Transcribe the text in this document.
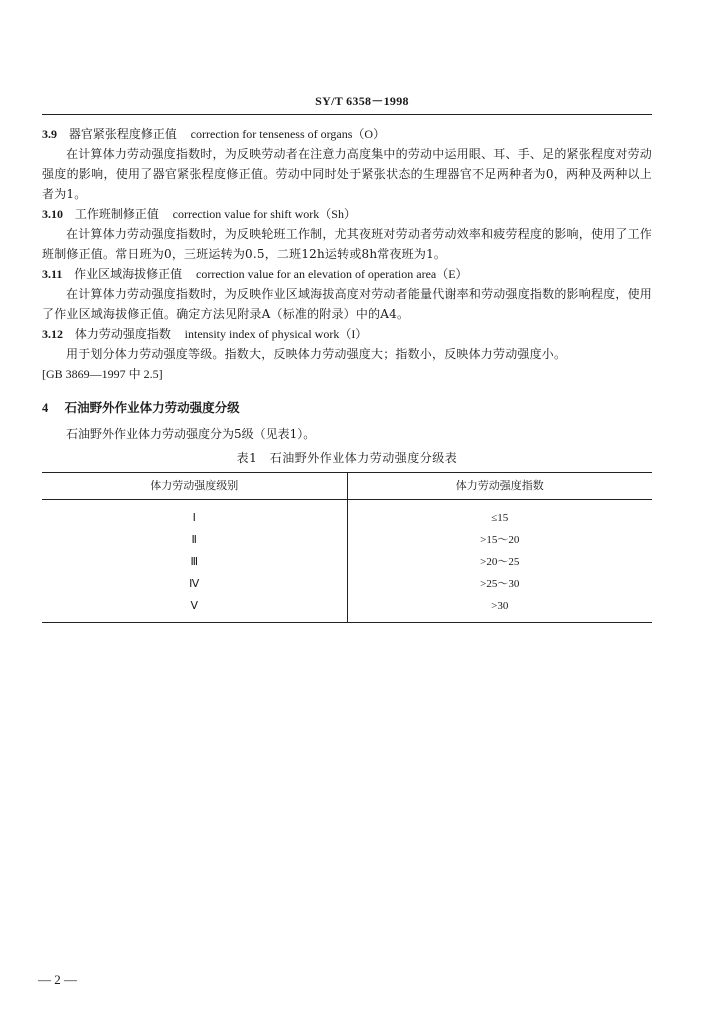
SY/T 6358－1998
3.9 器官紧张程度修正值 correction for tenseness of organs（O）
在计算体力劳动强度指数时，为反映劳动者在注意力高度集中的劳动中运用眼、耳、手、足的紧张程度对劳动强度的影响，使用了器官紧张程度修正值。劳动中同时处于紧张状态的生理器官不足两种者为0，两种及两种以上者为1。
3.10 工作班制修正值 correction value for shift work（Sh）
在计算体力劳动强度指数时，为反映轮班工作制，尤其夜班对劳动者劳动效率和疲劳程度的影响，使用了工作班制修正值。常日班为0，三班运转为0.5，二班12h运转或8h常夜班为1。
3.11 作业区域海拔修正值 correction value for an elevation of operation area（E）
在计算体力劳动强度指数时，为反映作业区域海拔高度对劳动者能量代谢率和劳动强度指数的影响程度，使用了作业区域海拔修正值。确定方法见附录A（标准的附录）中的A4。
3.12 体力劳动强度指数 intensity index of physical work（I）
用于划分体力劳动强度等级。指数大，反映体力劳动强度大；指数小，反映体力劳动强度小。
[GB 3869—1997 中 2.5]
4 石油野外作业体力劳动强度分级
石油野外作业体力劳动强度分为5级（见表1）。
表1　石油野外作业体力劳动强度分级表
体力劳动强度级别	体力劳动强度指数
Ⅰ	≤15
Ⅱ	>15～20
Ⅲ	>20～25
Ⅳ	>25～30
Ⅴ	>30
— 2 —
